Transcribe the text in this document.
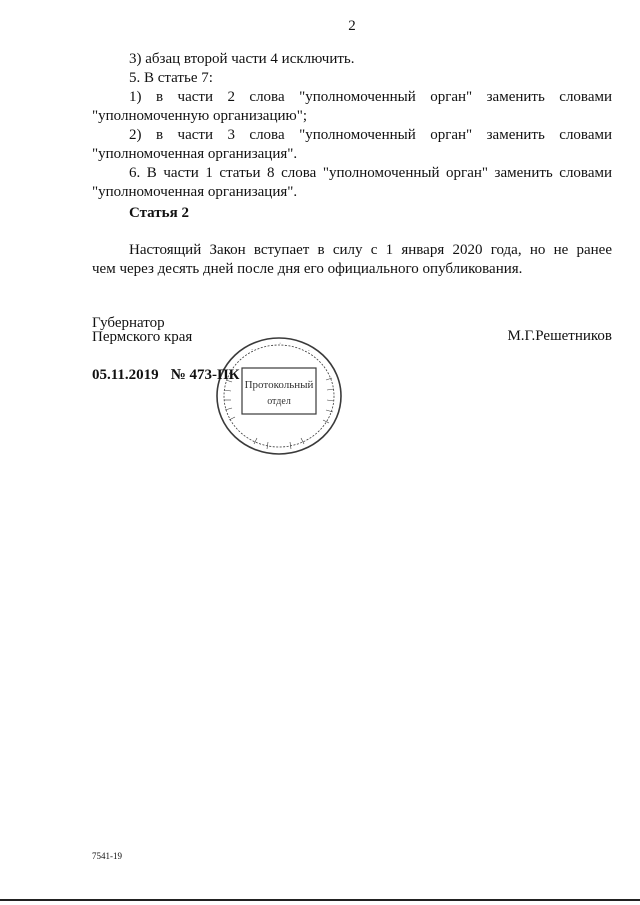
2
3) абзац второй части 4 исключить.
5. В статье 7:
1) в части 2 слова "уполномоченный орган" заменить словами
"уполномоченную организацию";
2) в части 3 слова "уполномоченный орган" заменить словами
"уполномоченная организация".
6. В части 1 статьи 8 слова "уполномоченный орган" заменить словами
"уполномоченная организация".
Статья 2
Настоящий Закон вступает в силу с 1 января 2020 года, но не ранее
чем через десять дней после дня его официального опубликования.
Губернатор
Пермского края	М.Г.Решетников
·
·
·
Протокольный
отдел
05.11.2019 № 473-ПК
7541-19
